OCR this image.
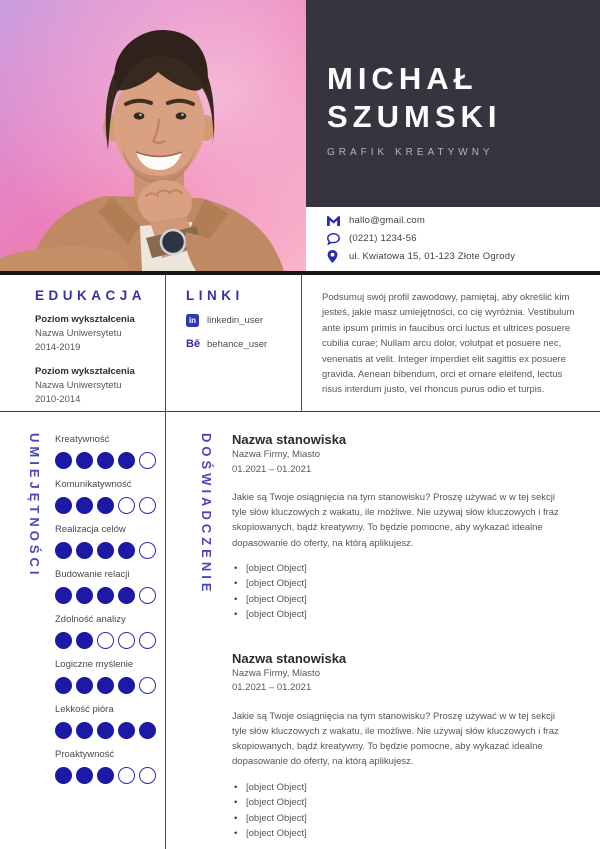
MICHAŁ
SZUMSKI
GRAFIK KREATYWNY
hallo@gmail.com
(0221) 1234-56
ul. Kwiatowa 15, 01-123 Złote Ogrody
EDUKACJA
Poziom wykształcenia
Nazwa Uniwersytetu
2014-2019
Poziom wykształcenia
Nazwa Uniwersytetu
2010-2014
LINKI
in	linkedin_user
Bē behance_user
Podsumuj swój profil zawodowy, pamiętaj, aby określić kim jesteś, jakie masz umiejętności, co cię wyróżnia. Vestibulum ante ipsum primis in faucibus orci luctus et ultrices posuere cubilia curae; Nullam arcu dolor, volutpat et posuere nec, venenatis at velit. Integer imperdiet elit sagittis ex posuere gravida. Aenean bibendum, orci et ornare eleifend, lectus risus interdum justo, vel rhoncus purus odio et turpis.
UMIEJĘTNOŚCI Kreatywność
Komunikatywność
Realizacja celów
Budowanie relacji
Zdolność analizy
Logiczne myślenie
Lekkość pióra
Proaktywność
DOŚWIADCZENIE Nazwa stanowiska
Nazwa Firmy, Miasto
01.2021 – 01.2021
Jakie są Twoje osiągnięcia na tym stanowisku? Proszę używać w w tej sekcji tyle słów kluczowych z wakatu, ile możliwe. Nie używaj słów kluczowych i fraz skopiowanych, bądź kreatywny. To będzie pomocne, aby wykazać idealne dopasowanie do oferty, na którą aplikujesz.
• [object Object]
• [object Object]
• [object Object]
• [object Object]
Nazwa stanowiska
Nazwa Firmy, Miasto
01.2021 – 01.2021
Jakie są Twoje osiągnięcia na tym stanowisku? Proszę używać w w tej sekcji tyle słów kluczowych z wakatu, ile możliwe. Nie używaj słów kluczowych i fraz skopiowanych, bądź kreatywny. To będzie pomocne, aby wykazać idealne dopasowanie do oferty, na którą aplikujesz.
• [object Object]
• [object Object]
• [object Object]
• [object Object]
